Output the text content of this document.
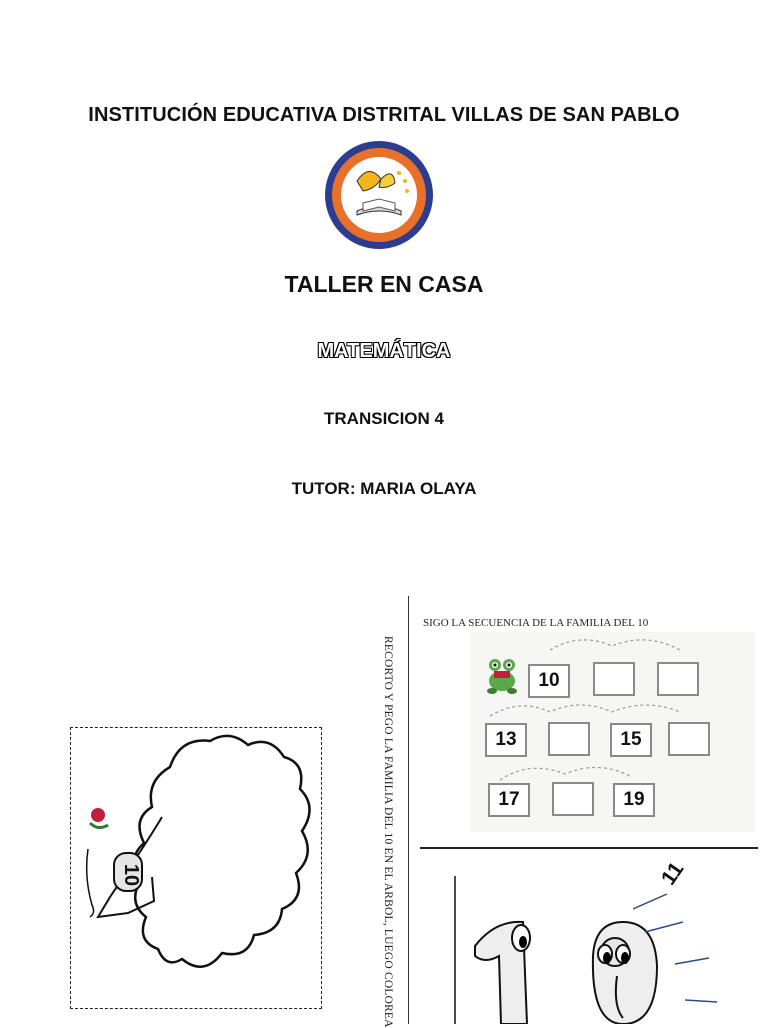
INSTITUCIÓN EDUCATIVA DISTRITAL VILLAS DE SAN PABLO
TALLER EN CASA
MATEMÁTICA
TRANSICION 4
TUTOR: MARIA OLAYA
10	RECORTO Y PEGO LA FAMILIA DEL 10 EN EL ARBOL, LUEGO COLOREA
SIGO LA SECUENCIA DE LA FAMILIA DEL 10
10
13	15
17	19
11
